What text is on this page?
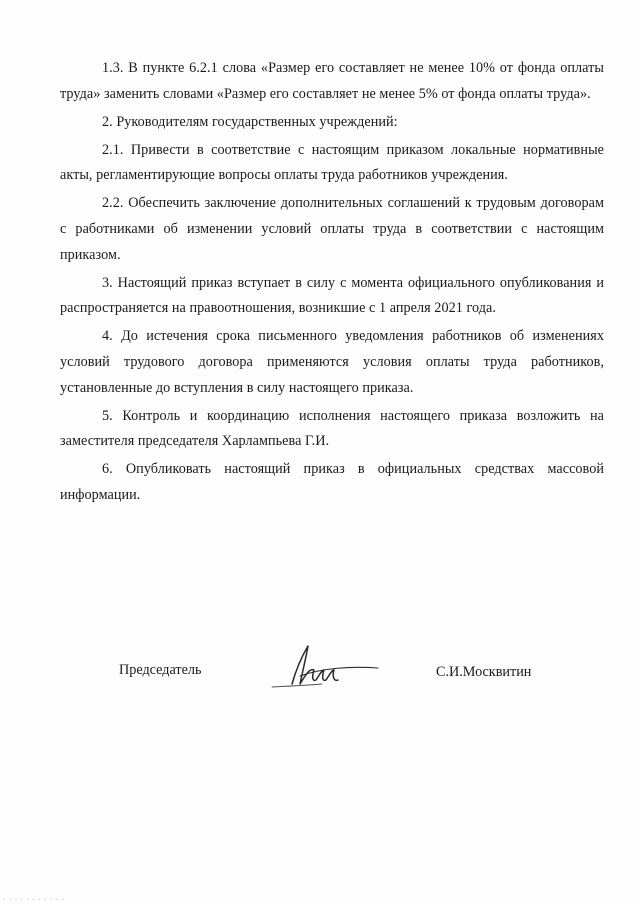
1.3. В пункте 6.2.1 слова «Размер его составляет не менее 10% от фонда оплаты труда» заменить словами «Размер его составляет не менее 5% от фонда оплаты труда».

2. Руководителям государственных учреждений:

2.1. Привести в соответствие с настоящим приказом локальные нормативные акты, регламентирующие вопросы оплаты труда работников учреждения.

2.2. Обеспечить заключение дополнительных соглашений к трудовым договорам с работниками об изменении условий оплаты труда в соответствии с настоящим приказом.

3. Настоящий приказ вступает в силу с момента официального опубликования и распространяется на правоотношения, возникшие с 1 апреля 2021 года.

4. До истечения срока письменного уведомления работников об изменениях условий трудового договора применяются условия оплаты труда работников, установленные до вступления в силу настоящего приказа.

5. Контроль и координацию исполнения настоящего приказа возложить на заместителя председателя Харлампьева Г.И.

6. Опубликовать настоящий приказ в официальных средствах массовой информации.

Председатель	С.И.Москвитин
...........
